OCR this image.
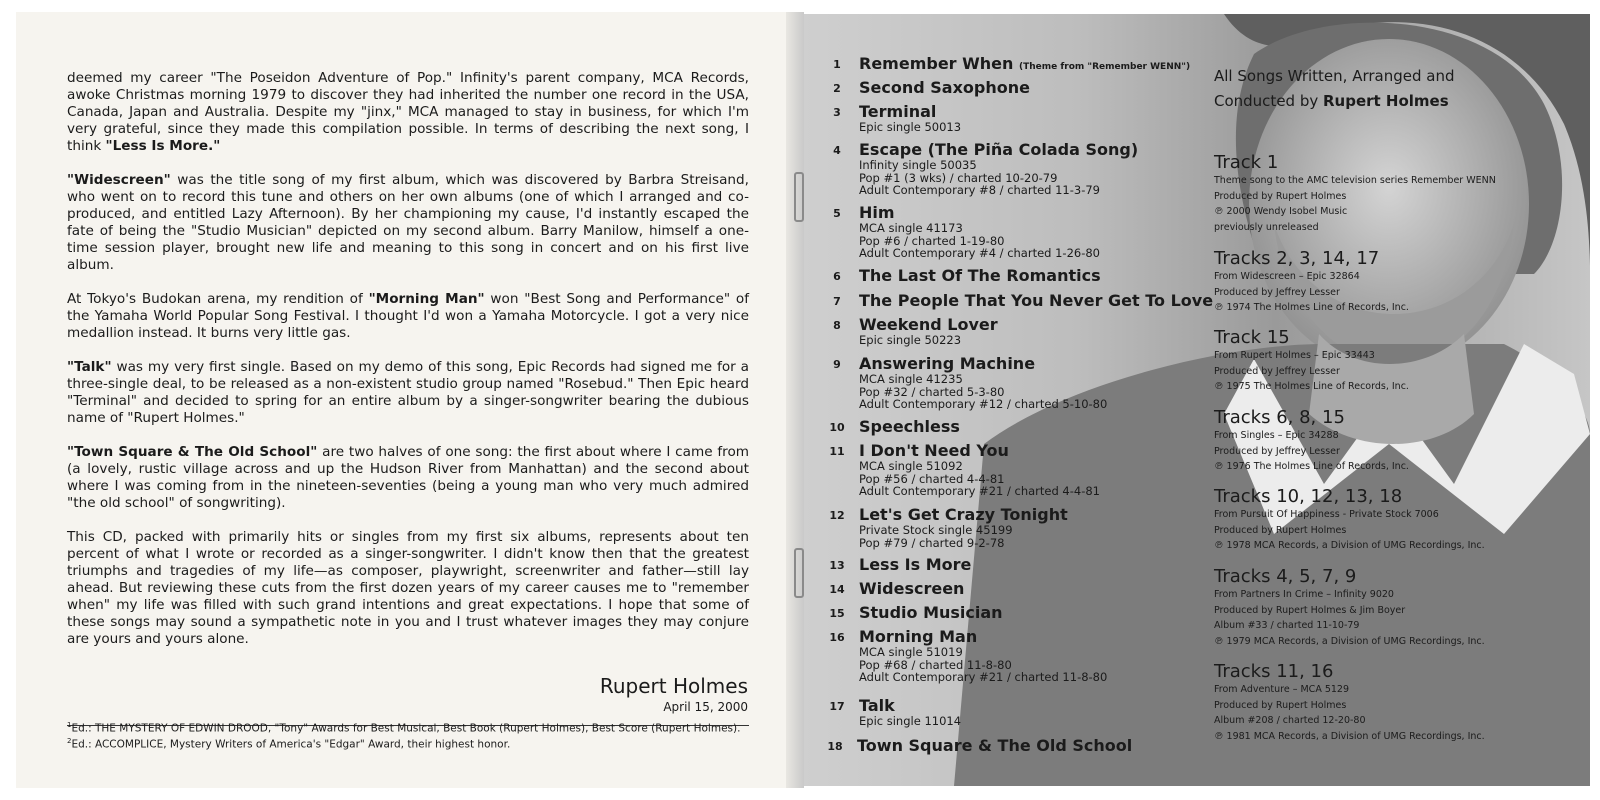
deemed my career "The Poseidon Adventure of Pop." Infinity's parent company, MCA Records, awoke Christmas morning 1979 to discover they had inherited the number one record in the USA, Canada, Japan and Australia. Despite my "jinx," MCA managed to stay in business, for which I'm very grateful, since they made this compilation possible. In terms of describing the next song, I think "Less Is More."

"Widescreen" was the title song of my first album, which was discovered by Barbra Streisand, who went on to record this tune and others on her own albums (one of which I arranged and co-produced, and entitled Lazy Afternoon). By her championing my cause, I'd instantly escaped the fate of being the "Studio Musician" depicted on my second album. Barry Manilow, himself a one-time session player, brought new life and meaning to this song in concert and on his first live album.

At Tokyo's Budokan arena, my rendition of "Morning Man" won "Best Song and Performance" of the Yamaha World Popular Song Festival. I thought I'd won a Yamaha Motorcycle. I got a very nice medallion instead. It burns very little gas.

"Talk" was my very first single. Based on my demo of this song, Epic Records had signed me for a three-single deal, to be released as a non-existent studio group named "Rosebud." Then Epic heard "Terminal" and decided to spring for an entire album by a singer-songwriter bearing the dubious name of "Rupert Holmes."

"Town Square & The Old School" are two halves of one song: the first about where I came from (a lovely, rustic village across and up the Hudson River from Manhattan) and the second about where I was coming from in the nineteen-seventies (being a young man who very much admired "the old school" of songwriting).

This CD, packed with primarily hits or singles from my first six albums, represents about ten percent of what I wrote or recorded as a singer-songwriter. I didn't know then that the greatest triumphs and tragedies of my life—as composer, playwright, screenwriter and father—still lay ahead. But reviewing these cuts from the first dozen years of my career causes me to "remember when" my life was filled with such grand intentions and great expectations. I hope that some of these songs may sound a sympathetic note in you and I trust whatever images they may conjure are yours and yours alone.

Rupert Holmes
April 15, 2000
$^1$Ed.: THE MYSTERY OF EDWIN DROOD, "Tony" Awards for Best Musical, Best Book (Rupert Holmes), Best Score (Rupert Holmes).
$^2$Ed.: ACCOMPLICE, Mystery Writers of America's "Edgar" Award, their highest honor.
1 Remember When (Theme from "Remember WENN")
2 Second Saxophone
3 Terminal
Epic single 50013
4 Escape (The Piña Colada Song)
Infinity single 50035
Pop #1 (3 wks) / charted 10-20-79
Adult Contemporary #8 / charted 11-3-79
5 Him
MCA single 41173
Pop #6 / charted 1-19-80
Adult Contemporary #4 / charted 1-26-80
6 The Last Of The Romantics
7 The People That You Never Get To Love
8 Weekend Lover
Epic single 50223
9 Answering Machine
MCA single 41235
Pop #32 / charted 5-3-80
Adult Contemporary #12 / charted 5-10-80
10 Speechless
11 I Don't Need You
MCA single 51092
Pop #56 / charted 4-4-81
Adult Contemporary #21 / charted 4-4-81
12 Let's Get Crazy Tonight
Private Stock single 45199
Pop #79 / charted 9-2-78
13 Less Is More
14 Widescreen
15 Studio Musician
16 Morning Man
MCA single 51019
Pop #68 / charted 11-8-80
Adult Contemporary #21 / charted 11-8-80
17 Talk
Epic single 11014
18 Town Square & The Old School
All Songs Written, Arranged and
Conducted by Rupert Holmes
Track 1
Theme song to the AMC television series Remember WENN
Produced by Rupert Holmes
℗ 2000 Wendy Isobel Music
previously unreleased
Tracks 2, 3, 14, 17
From Widescreen – Epic 32864
Produced by Jeffrey Lesser
℗ 1974 The Holmes Line of Records, Inc.
Track 15
From Rupert Holmes – Epic 33443
Produced by Jeffrey Lesser
℗ 1975 The Holmes Line of Records, Inc.
Tracks 6, 8, 15
From Singles – Epic 34288
Produced by Jeffrey Lesser
℗ 1976 The Holmes Line of Records, Inc.
Tracks 10, 12, 13, 18
From Pursuit Of Happiness - Private Stock 7006
Produced by Rupert Holmes
℗ 1978 MCA Records, a Division of UMG Recordings, Inc.
Tracks 4, 5, 7, 9
From Partners In Crime – Infinity 9020
Produced by Rupert Holmes & Jim Boyer
Album #33 / charted 11-10-79
℗ 1979 MCA Records, a Division of UMG Recordings, Inc.
Tracks 11, 16
From Adventure – MCA 5129
Produced by Rupert Holmes
Album #208 / charted 12-20-80
℗ 1981 MCA Records, a Division of UMG Recordings, Inc.
